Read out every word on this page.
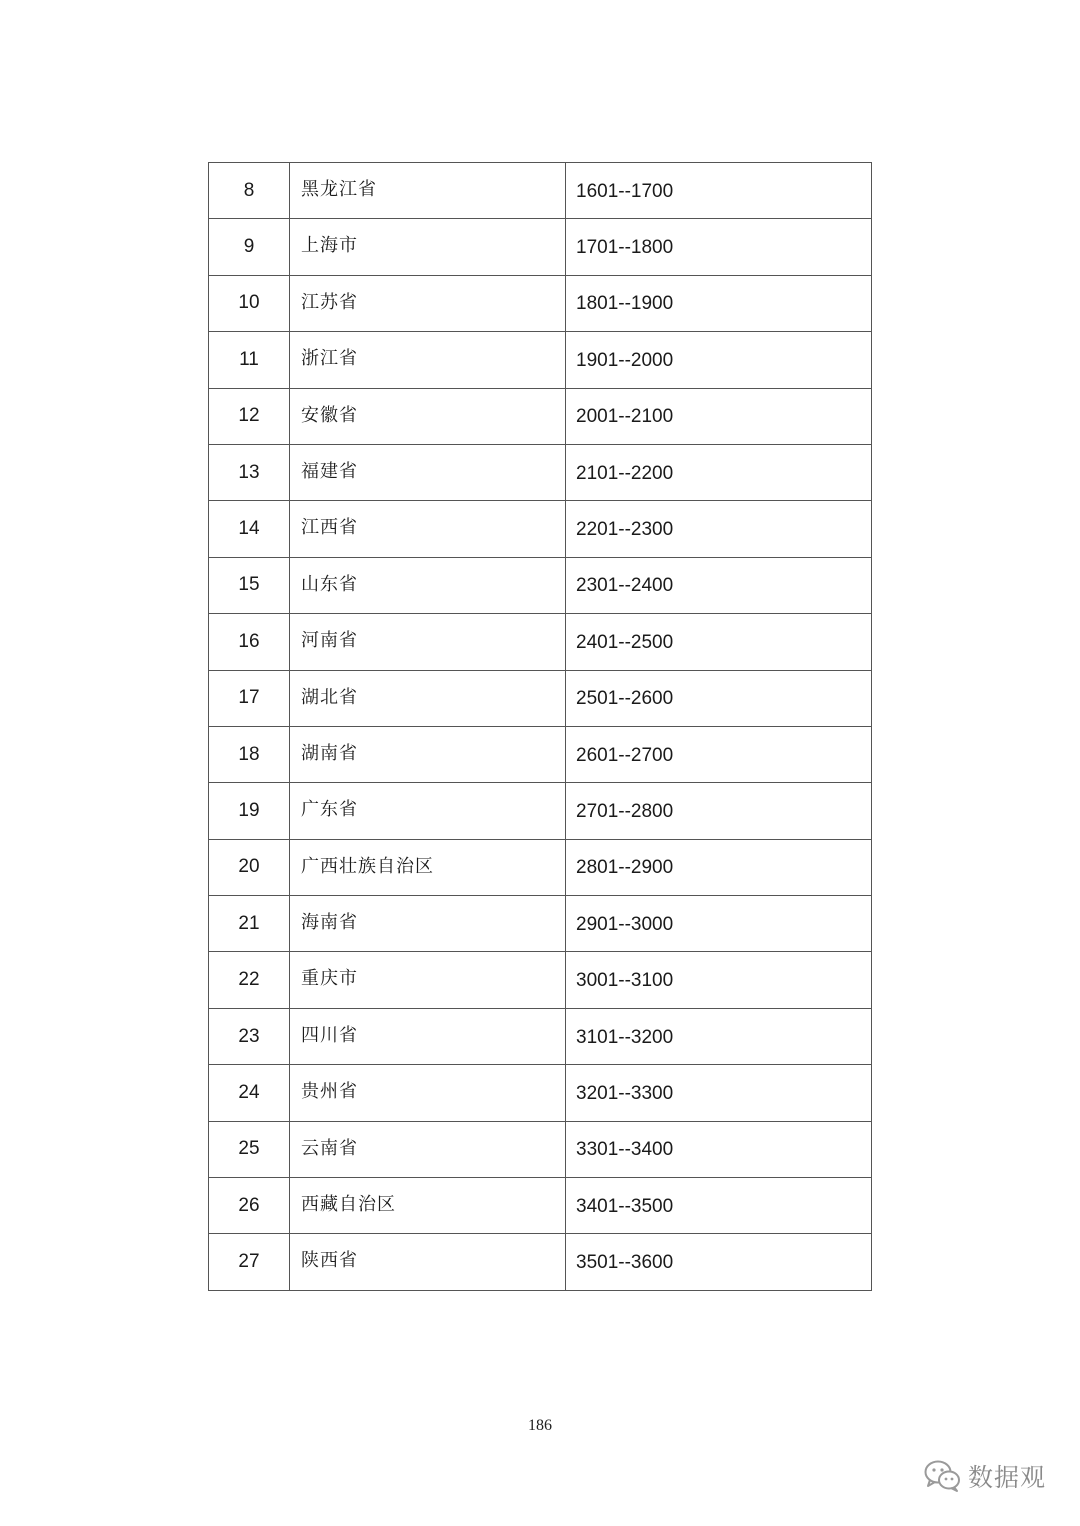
8	黑龙江省	1601--1700

9	上海市	1701--1800

10	江苏省	1801--1900

11	浙江省	1901--2000

12	安徽省	2001--2100

13	福建省	2101--2200

14	江西省	2201--2300

15	山东省	2301--2400

16	河南省	2401--2500

17	湖北省	2501--2600

18	湖南省	2601--2700

19	广东省	2701--2800

20	广西壮族自治区	2801--2900

21	海南省	2901--3000

22	重庆市	3001--3100

23	四川省	3101--3200

24	贵州省	3201--3300

25	云南省	3301--3400

26	西藏自治区	3401--3500

27	陕西省	3501--3600
186
数据观
